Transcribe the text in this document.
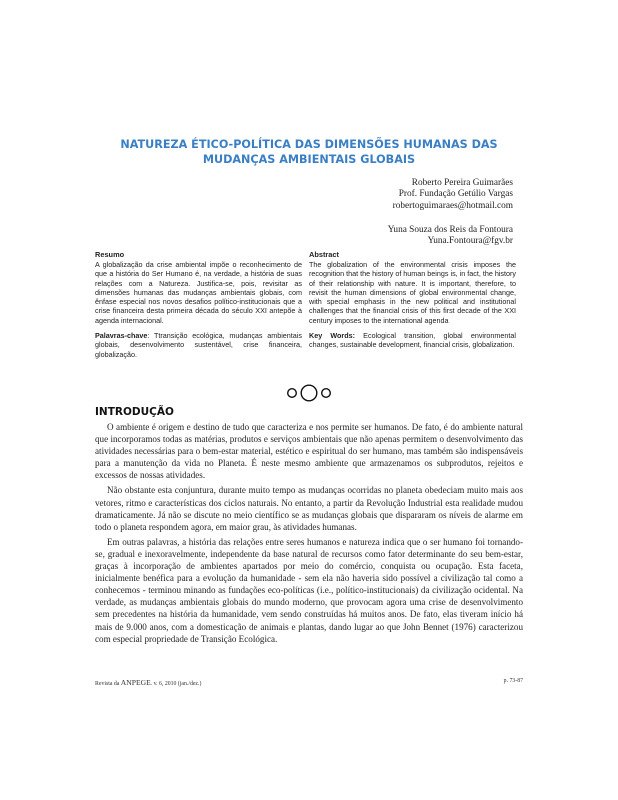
NATUREZA ÉTICO-POLÍTICA DAS DIMENSÕES HUMANAS DAS MUDANÇAS AMBIENTAIS GLOBAIS
Roberto Pereira Guimarães
Prof. Fundação Getúlio Vargas
robertoguimaraes@hotmail.com
Yuna Souza dos Reis da Fontoura
Yuna.Fontoura@fgv.br
Resumo

A globalização da crise ambiental impõe o reconhecimento de que a história do Ser Humano é, na verdade, a história de suas relações com a Natureza. Justifica-se, pois, revisitar as dimensões humanas das mudanças ambientais globais, com ênfase especial nos novos desafios político-institucionais que a crise financeira desta primeira década do século XXI antepõe à agenda internacional.

Palavras-chave: Ttransição ecológica, mudanças ambientais globais, desenvolvimento sustentável, crise financeira, globalização.

Abstract

The globalization of the environmental crisis imposes the recognition that the history of human beings is, in fact, the history of their relationship with nature. It is important, therefore, to revisit the human dimensions of global environmental change, with special emphasis in the new political and institutional challenges that the financial crisis of this first decade of the XXI century imposes to the international agenda

Key Words: Ecological transition, global environmental changes, sustainable development, financial crisis, globalization.

INTRODUÇÃO

O ambiente é origem e destino de tudo que caracteriza e nos permite ser humanos. De fato, é do ambiente natural que incorporamos todas as matérias, produtos e serviços ambientais que não apenas permitem o desenvolvimento das atividades necessárias para o bem-estar material, estético e espiritual do ser humano, mas também são indispensáveis para a manutenção da vida no Planeta. É neste mesmo ambiente que armazenamos os subprodutos, rejeitos e excessos de nossas atividades.

Não obstante esta conjuntura, durante muito tempo as mudanças ocorridas no planeta obedeciam muito mais aos vetores, ritmo e características dos ciclos naturais. No entanto, a partir da Revolução Industrial esta realidade mudou dramaticamente. Já não se discute no meio científico se as mudanças globais que dispararam os níveis de alarme em todo o planeta respondem agora, em maior grau, às atividades humanas.

Em outras palavras, a história das relações entre seres humanos e natureza indica que o ser humano foi tornando-se, gradual e inexoravelmente, independente da base natural de recursos como fator determinante do seu bem-estar, graças à incorporação de ambientes apartados por meio do comércio, conquista ou ocupação. Esta faceta, inicialmente benéfica para a evolução da humanidade - sem ela não haveria sido possível a civilização tal como a conhecemos - terminou minando as fundações eco-políticas (i.e., político-institucionais) da civilização ocidental. Na verdade, as mudanças ambientais globais do mundo moderno, que provocam agora uma crise de desenvolvimento sem precedentes na história da humanidade, vem sendo construídas há muitos anos. De fato, elas tiveram início há mais de 9.000 anos, com a domesticação de animais e plantas, dando lugar ao que John Bennet (1976) caracterizou com especial propriedade de Transição Ecológica.

Revista da ANPEGE. v. 6, 2010 (jan./dez.)	p. 73-87
